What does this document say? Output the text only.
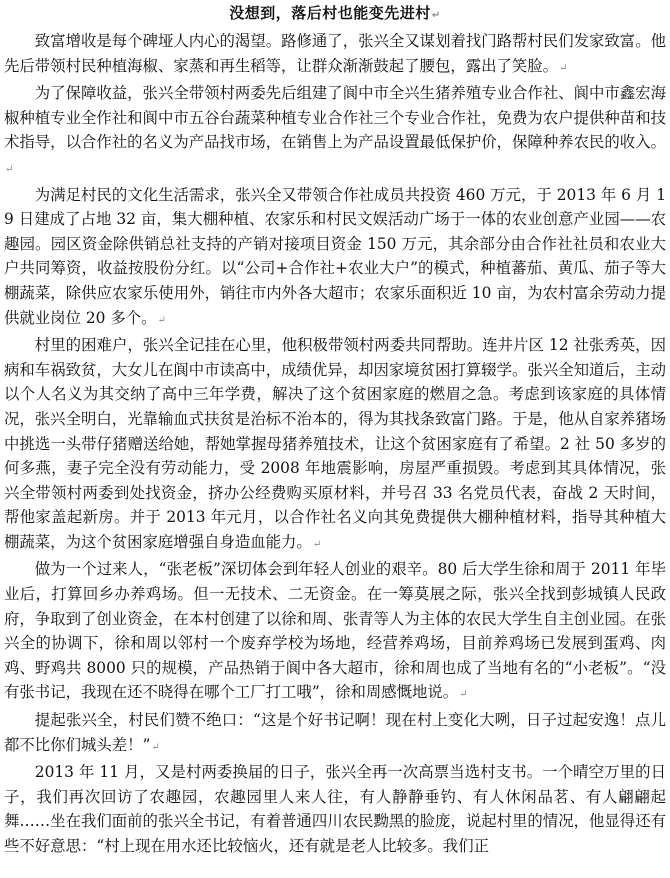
没想到，落后村也能变先进村↵

致富增收是每个碑垭人内心的渴望。路修通了，张兴全又谋划着找门路帮村民们发家致富。他先后带领村民种植海椒、家蒸和再生稻等，让群众渐渐鼓起了腰包，露出了笑脸。↵

为了保障收益，张兴全带领村两委先后组建了阆中市全兴生猪养殖专业合作社、阆中市鑫宏海椒种植专业全作社和阆中市五谷台蔬菜种植专业合作社三个专业合作社，免费为农户提供种苗和技术指导，以合作社的名义为产品找市场，在销售上为产品设置最低保护价，保障种养农民的收入。↵

为满足村民的文化生活需求，张兴全又带领合作社成员共投资 460 万元，于 2013 年 6 月 19 日建成了占地 32 亩，集大棚种植、农家乐和村民文娱活动广场于一体的农业创意产业园——农趣园。园区资金除供销总社支持的产销对接项目资金 150 万元，其余部分由合作社社员和农业大户共同筹资，收益按股份分红。以“公司+合作社+农业大户”的模式，种植蕃茄、黄瓜、茄子等大棚蔬菜，除供应农家乐使用外，销往市内外各大超市；农家乐面积近 10 亩，为农村富余劳动力提供就业岗位 20 多个。↵

村里的困难户，张兴全记挂在心里，他积极带领村两委共同帮助。连井片区 12 社张秀英，因病和车祸致贫，大女儿在阆中市读高中，成绩优异，却因家境贫困打算辍学。张兴全知道后，主动以个人名义为其交纳了高中三年学费，解决了这个贫困家庭的燃眉之急。考虑到该家庭的具体情况，张兴全明白，光靠输血式扶贫是治标不治本的，得为其找条致富门路。于是，他从自家养猪场中挑选一头带仔猪赠送给她，帮她掌握母猪养殖技术，让这个贫困家庭有了希望。2 社 50 多岁的何多燕，妻子完全没有劳动能力，受 2008 年地震影响，房屋严重损毁。考虑到其具体情况，张兴全带领村两委到处找资金，挤办公经费购买原材料，并号召 33 名党员代表，奋战 2 天时间，帮他家盖起新房。并于 2013 年元月，以合作社名义向其免费提供大棚种植材料，指导其种植大棚蔬菜，为这个贫困家庭增强自身造血能力。↵

做为一个过来人，“张老板”深切体会到年轻人创业的艰辛。80 后大学生徐和周于 2011 年毕业后，打算回乡办养鸡场。但一无技术、二无资金。在一筹莫展之际，张兴全找到彭城镇人民政府，争取到了创业资金，在本村创建了以徐和周、张青等人为主体的农民大学生自主创业园。在张兴全的协调下，徐和周以邻村一个废弃学校为场地，经营养鸡场，目前养鸡场已发展到蛋鸡、肉鸡、野鸡共 8000 只的规模，产品热销于阆中各大超市，徐和周也成了当地有名的“小老板”。“没有张书记，我现在还不晓得在哪个工厂打工哦”，徐和周感慨地说。↵

提起张兴全，村民们赞不绝口：“这是个好书记啊！现在村上变化大咧，日子过起安逸！点儿都不比你们城头差！”↵

2013 年 11 月，又是村两委换届的日子，张兴全再一次高票当选村支书。一个晴空万里的日子，我们再次回访了农趣园，农趣园里人来人往，有人静静垂钓、有人休闲品茗、有人翩翩起舞……坐在我们面前的张兴全书记，有着普通四川农民黝黑的脸庞，说起村里的情况，他显得还有些不好意思：“村上现在用水还比较恼火，还有就是老人比较多。我们正
